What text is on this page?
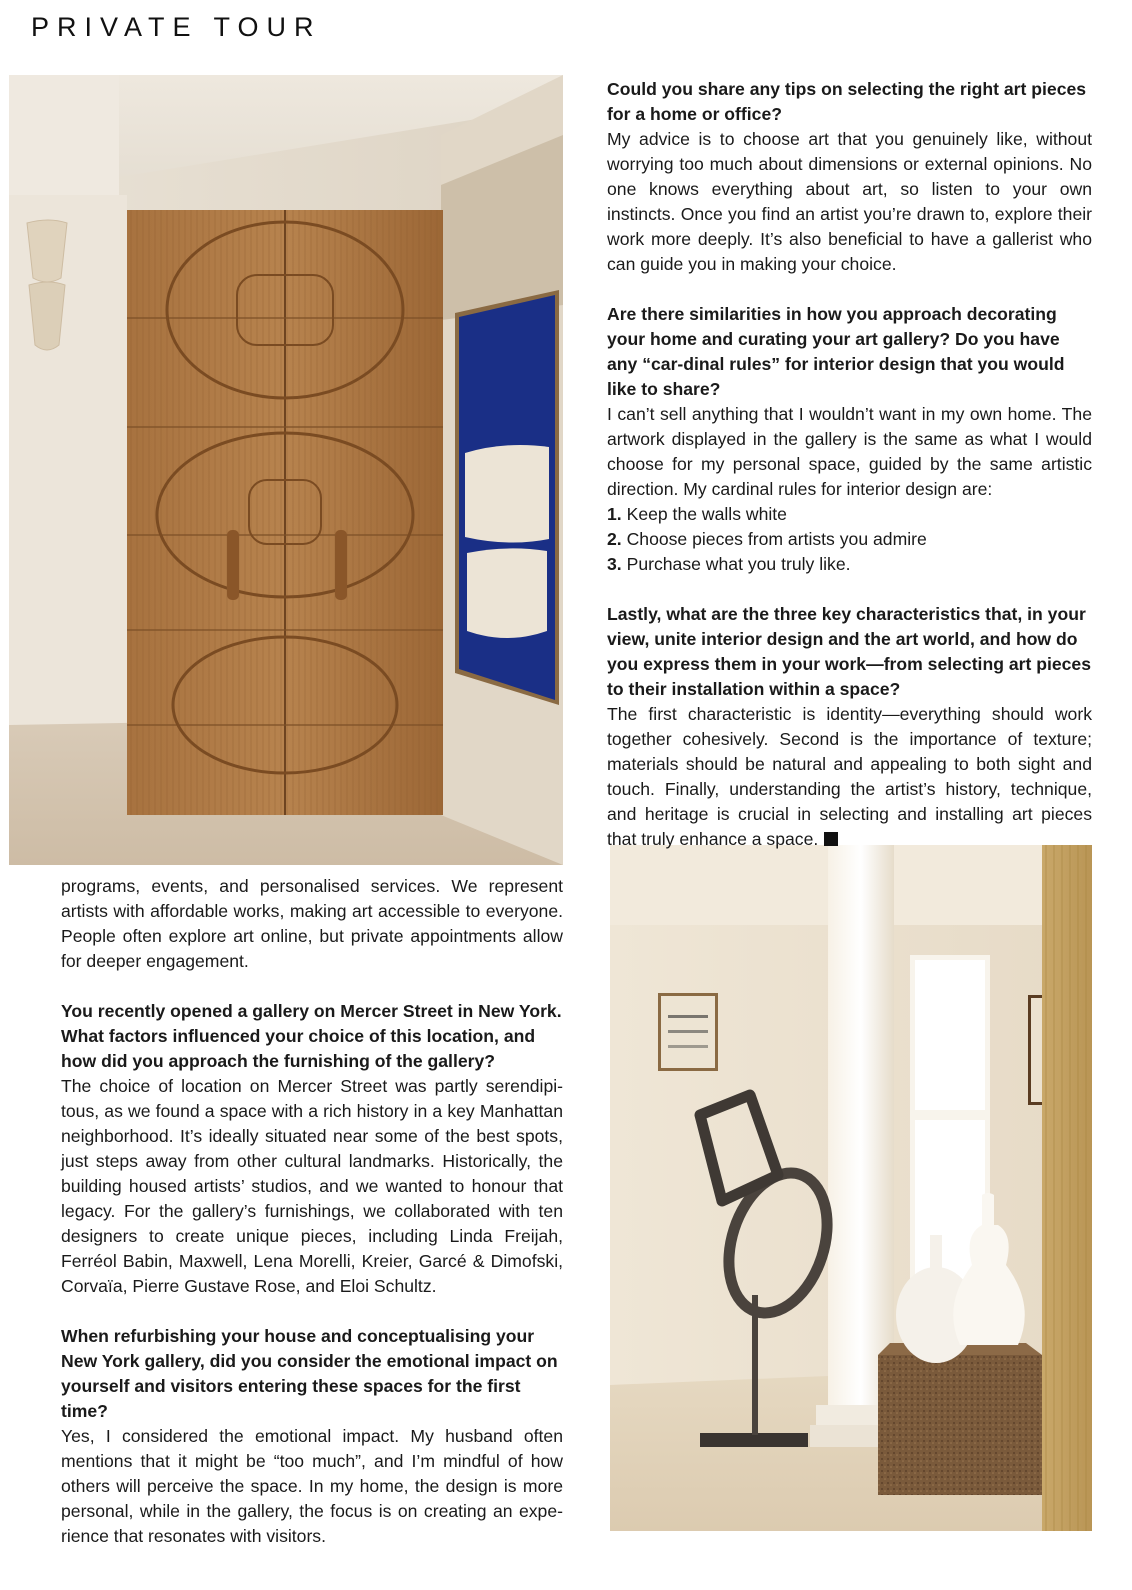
PRIVATE TOUR

programs, events, and personalised services. We represent artists with affordable works, making art accessible to everyone. People often explore art online, but private appointments allow for deeper engagement.

You recently opened a gallery on Mercer Street in New York. What factors influenced your choice of this location, and how did you approach the furnishing of the gallery?

The choice of location on Mercer Street was partly serendipi-tous, as we found a space with a rich history in a key Manhattan neighborhood. It’s ideally situated near some of the best spots, just steps away from other cultural landmarks. Historically, the building housed artists’ studios, and we wanted to honour that legacy. For the gallery’s furnishings, we collaborated with ten designers to create unique pieces, including Linda Freijah, Ferréol Babin, Maxwell, Lena Morelli, Kreier, Garcé & Dimofski, Corvaïa, Pierre Gustave Rose, and Eloi Schultz.

When refurbishing your house and conceptualising your New York gallery, did you consider the emotional impact on yourself and visitors entering these spaces for the first time?

Yes, I considered the emotional impact. My husband often mentions that it might be “too much”, and I’m mindful of how others will perceive the space. In my home, the design is more personal, while in the gallery, the focus is on creating an expe-rience that resonates with visitors.

Could you share any tips on selecting the right art pieces for a home or office?

My advice is to choose art that you genuinely like, without worrying too much about dimensions or external opinions. No one knows everything about art, so listen to your own instincts. Once you find an artist you’re drawn to, explore their work more deeply. It’s also beneficial to have a gallerist who can guide you in making your choice.

Are there similarities in how you approach decorating your home and curating your art gallery? Do you have any “car-dinal rules” for interior design that you would like to share?

I can’t sell anything that I wouldn’t want in my own home. The artwork displayed in the gallery is the same as what I would choose for my personal space, guided by the same artistic direction. My cardinal rules for interior design are:

1. Keep the walls white
2. Choose pieces from artists you admire
3. Purchase what you truly like.

Lastly, what are the three key characteristics that, in your view, unite interior design and the art world, and how do you express them in your work—from selecting art pieces to their installation within a space?

The first characteristic is identity—everything should work together cohesively. Second is the importance of texture; materials should be natural and appealing to both sight and touch. Finally, understanding the artist’s history, technique, and heritage is crucial in selecting and installing art pieces that truly enhance a space.
